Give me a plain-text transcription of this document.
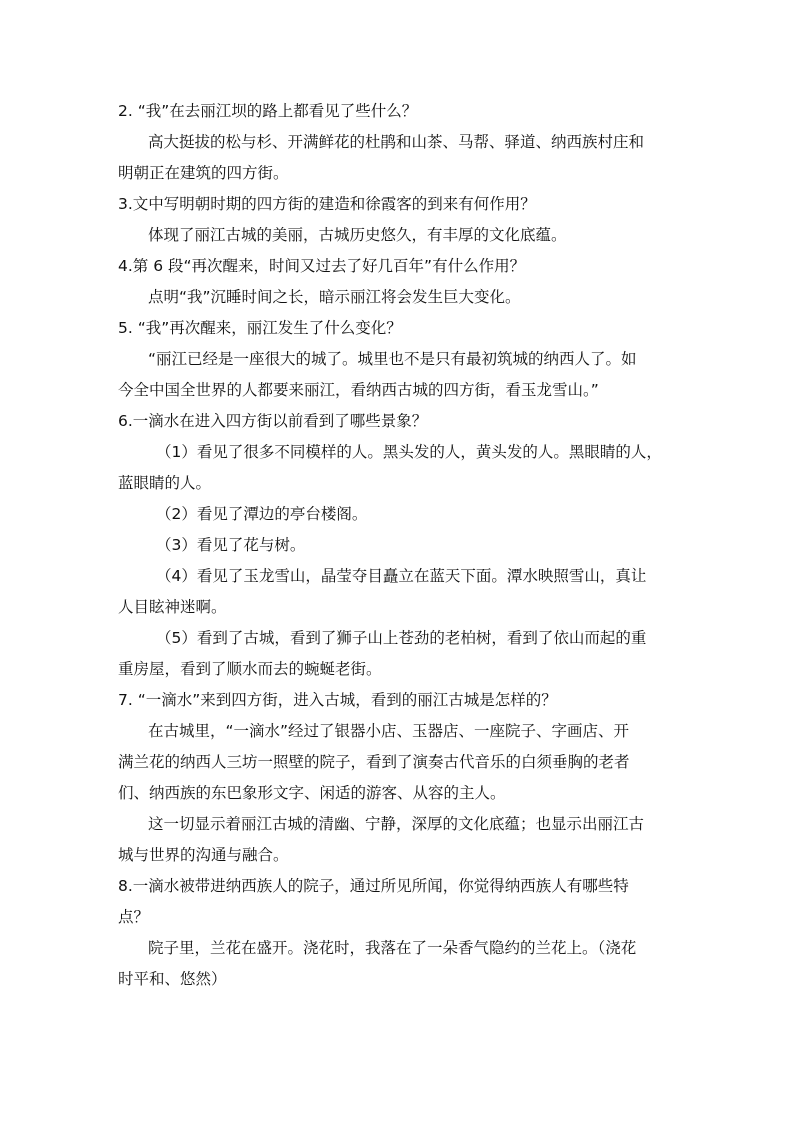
2. “我”在去丽江坝的路上都看见了些什么？
高大挺拔的松与杉、开满鲜花的杜鹃和山茶、马帮、驿道、纳西族村庄和
明朝正在建筑的四方街。
3.文中写明朝时期的四方街的建造和徐霞客的到来有何作用？
体现了丽江古城的美丽，古城历史悠久，有丰厚的文化底蕴。
4.第 6 段“再次醒来，时间又过去了好几百年”有什么作用？
点明“我”沉睡时间之长，暗示丽江将会发生巨大变化。
5. “我”再次醒来，丽江发生了什么变化？
“丽江已经是一座很大的城了。城里也不是只有最初筑城的纳西人了。如
今全中国全世界的人都要来丽江，看纳西古城的四方街，看玉龙雪山。”
6.一滴水在进入四方街以前看到了哪些景象？
（1）看见了很多不同模样的人。黑头发的人，黄头发的人。黑眼睛的人，
蓝眼睛的人。
（2）看见了潭边的亭台楼阁。
（3）看见了花与树。
（4）看见了玉龙雪山，晶莹夺目矗立在蓝天下面。潭水映照雪山，真让
人目眩神迷啊。
（5）看到了古城，看到了狮子山上苍劲的老柏树，看到了依山而起的重
重房屋，看到了顺水而去的蜿蜒老街。
7. “一滴水”来到四方街，进入古城，看到的丽江古城是怎样的？
在古城里，“一滴水”经过了银器小店、玉器店、一座院子、字画店、开
满兰花的纳西人三坊一照壁的院子，看到了演奏古代音乐的白须垂胸的老者
们、纳西族的东巴象形文字、闲适的游客、从容的主人。
这一切显示着丽江古城的清幽、宁静，深厚的文化底蕴；也显示出丽江古
城与世界的沟通与融合。
8.一滴水被带进纳西族人的院子，通过所见所闻，你觉得纳西族人有哪些特
点？
院子里，兰花在盛开。浇花时，我落在了一朵香气隐约的兰花上。（浇花
时平和、悠然）
